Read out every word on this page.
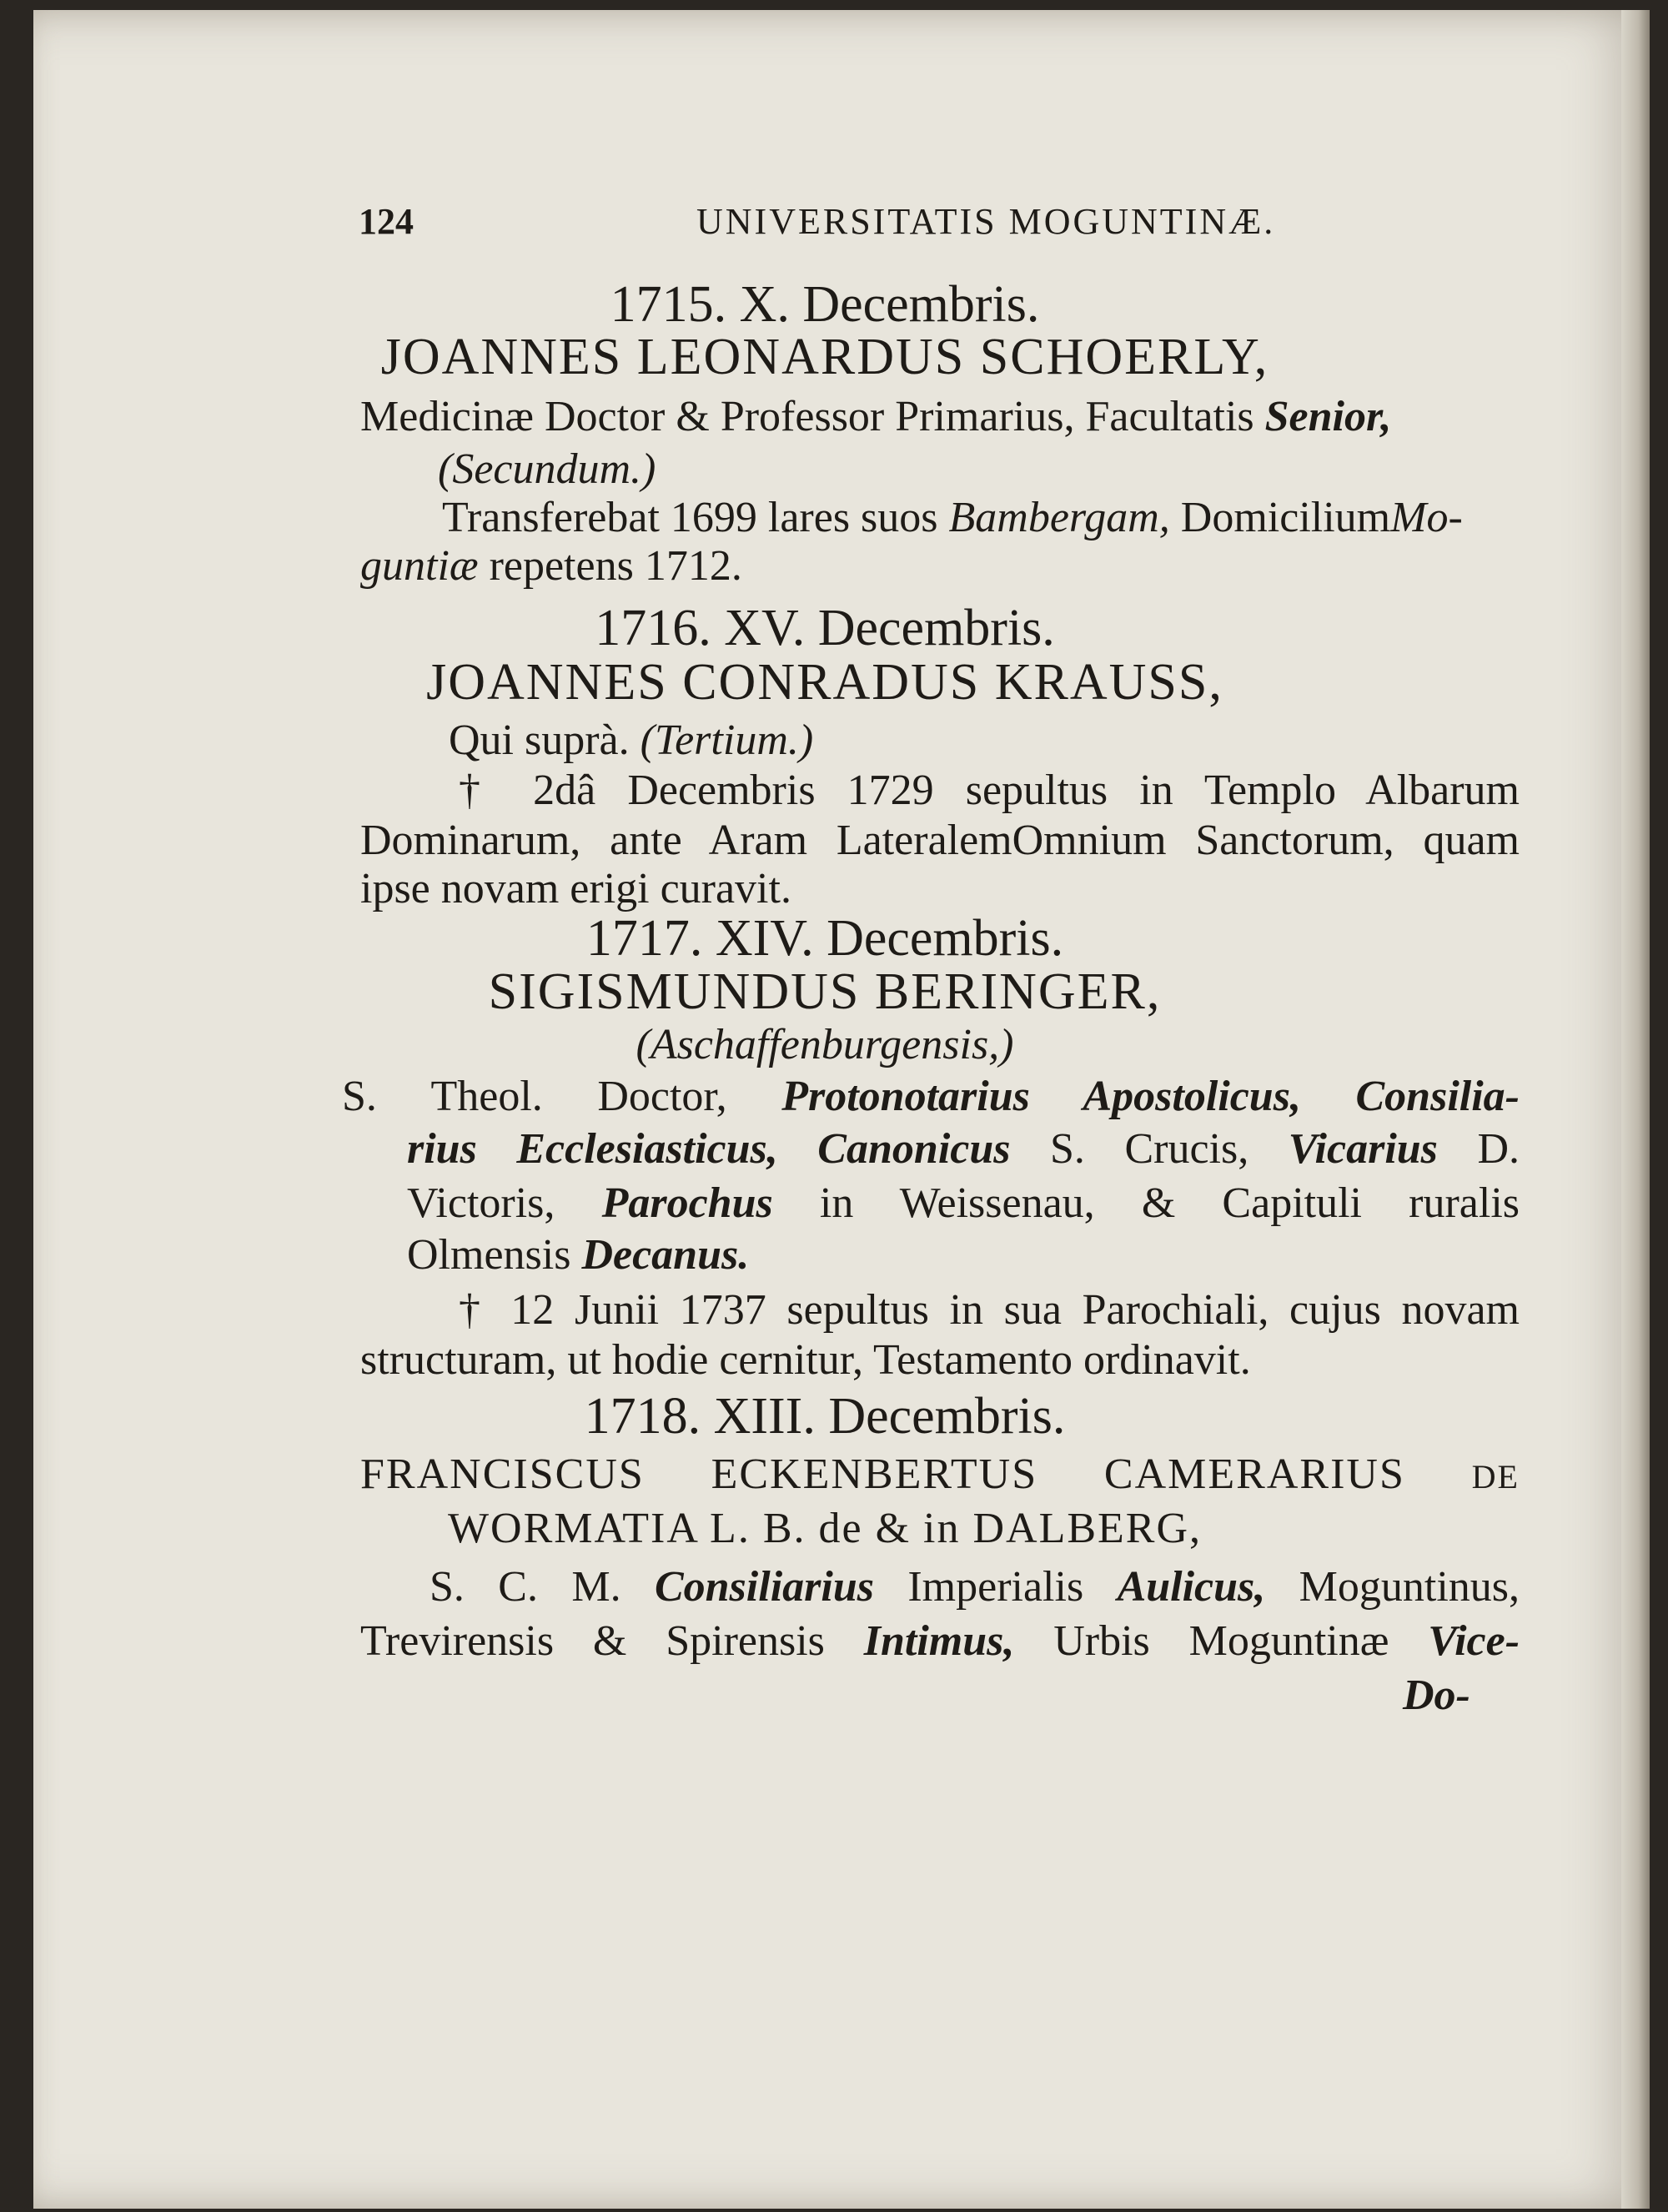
124	UNIVERSITATIS MOGUNTINÆ.
1715. X. Decembris.
JOANNES LEONARDUS SCHOERLY,
Medicinæ Doctor & Professor Primarius, Facultatis Senior,
(Secundum.)
Transferebat 1699 lares suos Bambergam, DomiciliumMo-
guntiæ repetens 1712.
1716. XV. Decembris.
JOANNES CONRADUS KRAUSS,
Qui suprà. (Tertium.)
† 2dâ Decembris 1729 sepultus in Templo Albarum
Dominarum, ante Aram LateralemOmnium Sanctorum, quam
ipse novam erigi curavit.
1717. XIV. Decembris.
SIGISMUNDUS BERINGER,
(Aschaffenburgensis,)
S. Theol. Doctor, Protonotarius Apostolicus, Consilia-
rius Ecclesiasticus, Canonicus S. Crucis, Vicarius D.
Victoris, Parochus in Weissenau, & Capituli ruralis
Olmensis Decanus.
† 12 Junii 1737 sepultus in sua Parochiali, cujus novam
structuram, ut hodie cernitur, Testamento ordinavit.
1718. XIII. Decembris.
FRANCISCUS ECKENBERTUS CAMERARIUS DE
WORMATIA L. B. de & in DALBERG,
S. C. M. Consiliarius Imperialis Aulicus, Moguntinus,
Trevirensis & Spirensis Intimus, Urbis Moguntinæ Vice-
Do-
